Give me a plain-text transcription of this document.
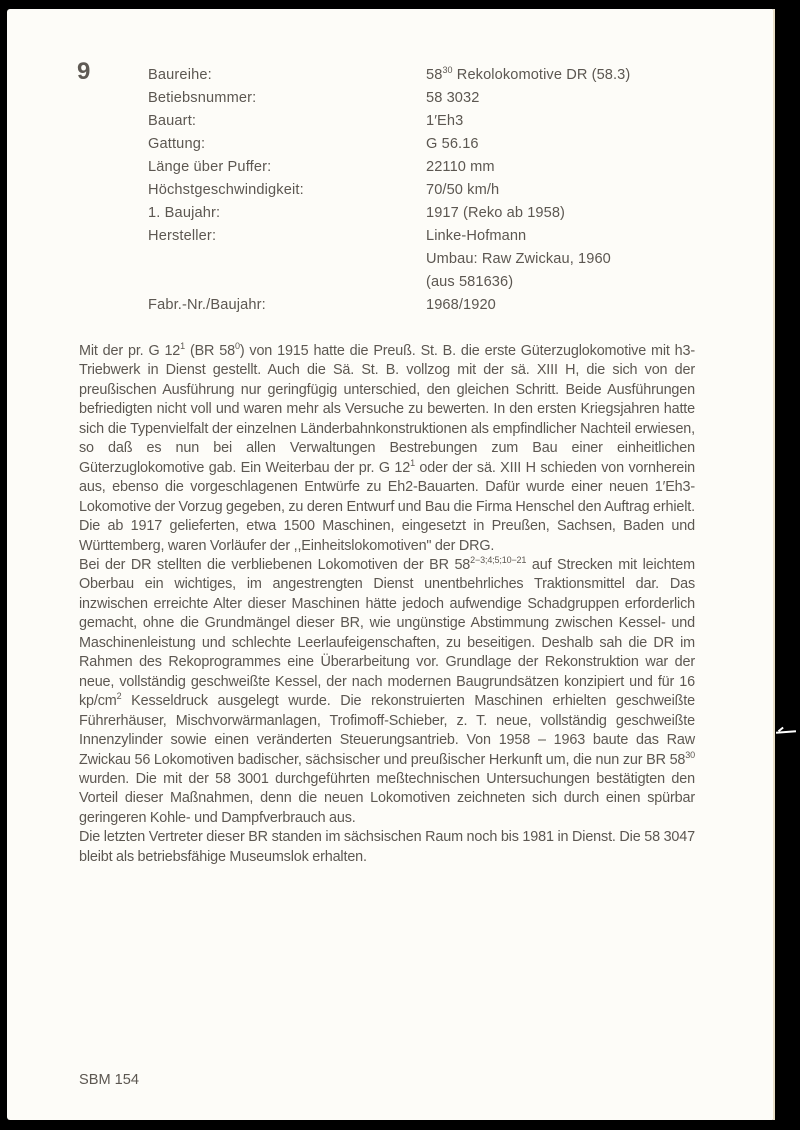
9	Baureihe:	$58^{30}$ Rekolokomotive DR (58.3)
Betiebsnummer:	58 3032
Bauart:	1′Eh3
Gattung:	G 56.16
Länge über Puffer:	22110 mm
Höchstgeschwindigkeit:	70/50 km/h
1. Baujahr:	1917 (Reko ab 1958)
Hersteller:	Linke-Hofmann
Umbau: Raw Zwickau, 1960
(aus 581636)
Fabr.-Nr./Baujahr:	1968/1920

Mit der pr. G $12^1$ (BR $58^0$) von 1915 hatte die Preuß. St. B. die erste Güterzuglokomotive mit h3-Triebwerk in Dienst gestellt. Auch die Sä. St. B. vollzog mit der sä. XIII H, die sich von der preußischen Ausführung nur geringfügig unterschied, den gleichen Schritt. Beide Ausführungen befriedigten nicht voll und waren mehr als Versuche zu bewerten. In den ersten Kriegsjahren hatte sich die Typenvielfalt der einzelnen Länderbahnkonstruktionen als empfindlicher Nachteil erwiesen, so daß es nun bei allen Verwaltungen Bestrebungen zum Bau einer einheitlichen Güterzuglokomotive gab. Ein Weiterbau der pr. G $12^1$ oder der sä. XIII H schieden von vornherein aus, ebenso die vorgeschlagenen Entwürfe zu Eh2-Bauarten. Dafür wurde einer neuen 1′Eh3-Lokomotive der Vorzug gegeben, zu deren Entwurf und Bau die Firma Henschel den Auftrag erhielt. Die ab 1917 gelieferten, etwa 1500 Maschinen, eingesetzt in Preußen, Sachsen, Baden und Württemberg, waren Vorläufer der ,,Einheitslokomotiven" der DRG.

Bei der DR stellten die verbliebenen Lokomotiven der BR $58^{2-3;4;5;10-21}$ auf Strecken mit leichtem Oberbau ein wichtiges, im angestrengten Dienst unentbehrliches Traktionsmittel dar. Das inzwischen erreichte Alter dieser Maschinen hätte jedoch aufwendige Schadgruppen erforderlich gemacht, ohne die Grundmängel dieser BR, wie ungünstige Abstimmung zwischen Kessel- und Maschinenleistung und schlechte Leerlaufeigenschaften, zu beseitigen. Deshalb sah die DR im Rahmen des Rekoprogrammes eine Überarbeitung vor. Grundlage der Rekonstruktion war der neue, vollständig geschweißte Kessel, der nach modernen Baugrundsätzen konzipiert und für 16 $kp/cm^2$ Kesseldruck ausgelegt wurde. Die rekonstruierten Maschinen erhielten geschweißte Führerhäuser, Mischvorwärmanlagen, Trofimoff-Schieber, z. T. neue, vollständig geschweißte Innenzylinder sowie einen veränderten Steuerungsantrieb. Von 1958 – 1963 baute das Raw Zwickau 56 Lokomotiven badischer, sächsischer und preußischer Herkunft um, die nun zur BR $58^{30}$ wurden. Die mit der 58 3001 durchgeführten meßtechnischen Untersuchungen bestätigten den Vorteil dieser Maßnahmen, denn die neuen Lokomotiven zeichneten sich durch einen spürbar geringeren Kohle- und Dampfverbrauch aus.

Die letzten Vertreter dieser BR standen im sächsischen Raum noch bis 1981 in Dienst. Die 58 3047 bleibt als betriebsfähige Museumslok erhalten.

SBM 154
